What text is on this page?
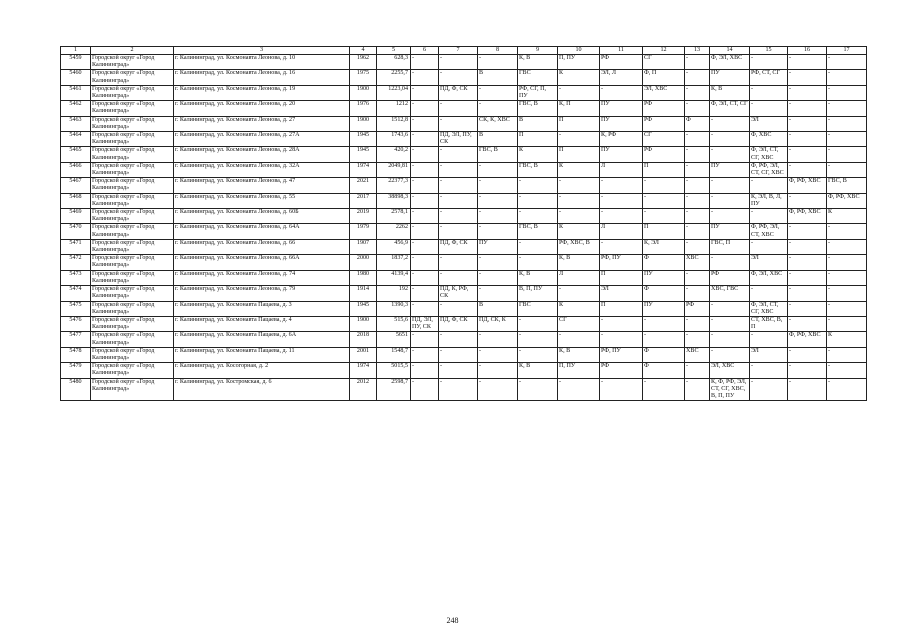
1	2	3	4	5	6	7	8	9	10	11	12	13	14	15	16	17
5459	Городской округ «Город Калининград»	г. Калининград, ул. Космонавта Леонова, д. 10	1962	628,3	-	-	-	К, В	П, ПУ	РФ	СГ	-	Ф, ЭЛ, ХВС	-	-	-
5460	Городской округ «Город Калининград»	г. Калининград, ул. Космонавта Леонова, д. 16	1975	2255,7	-	-	В	ГВС	К	ЭЛ, Л	Ф, П	-	ПУ	РФ, СТ, СГ	-	-
5461	Городской округ «Город Калининград»	г. Калининград, ул. Космонавта Леонова, д. 19	1900	1223,04	-	ПД, Ф, СК	-	РФ, СГ, П, ПУ	-	-	ЭЛ, ХВС	-	К, В	-	-	-
5462	Городской округ «Город Калининград»	г. Калининград, ул. Космонавта Леонова, д. 20	1976	1212	-	-	-	ГВС, В	К, П	ПУ	РФ	-	Ф, ЭЛ, СТ, СГ	-	-	-
5463	Городской округ «Город Калининград»	г. Калининград, ул. Космонавта Леонова, д. 27	1900	1512,8	-	-	СК, К, ХВС	В	П	ПУ	РФ	Ф	-	ЭЛ	-	-
5464	Городской округ «Город Калининград»	г. Калининград, ул. Космонавта Леонова, д. 27А	1945	1743,6	-	ПД, ЭЛ, ПУ, СК	В	П	-	К, РФ	СГ	-	-	Ф, ХВС	-	-
5465	Городской округ «Город Калининград»	г. Калининград, ул. Космонавта Леонова, д. 28А	1945	420,2	-	-	ГВС, В	К	П	ПУ	РФ	-	-	Ф, ЭЛ, СТ, СГ, ХВС	-	-
5466	Городской округ «Город Калининград»	г. Калининград, ул. Космонавта Леонова, д. 32А	1974	2049,81	-	-	-	ГВС, В	К	Л	П	-	ПУ	Ф, РФ, ЭЛ, СТ, СГ, ХВС	-	-
5467	Городской округ «Город Калининград»	г. Калининград, ул. Космонавта Леонова, д. 47	2021	22377,3	-	-	-	-	-	-	-	-	-	-	Ф, РФ, ХВС	ГВС, В
5468	Городской округ «Город Калининград»	г. Калининград, ул. Космонавта Леонова, д. 55	2017	38898,3	-	-	-	-	-	-	-	-	-	К, ЭЛ, В, Л, ПУ	-	Ф, РФ, ХВС
5469	Городской округ «Город Калининград»	г. Калининград, ул. Космонавта Леонова, д. 60Б	2019	2578,1	-	-	-	-	-	-	-	-	-	-	Ф, РФ, ХВС	К
5470	Городской округ «Город Калининград»	г. Калининград, ул. Космонавта Леонова, д. 64А	1979	2262	-	-	-	ГВС, В	К	Л	П	-	ПУ	Ф, РФ, ЭЛ, СТ, ХВС	-	-
5471	Городской округ «Город Калининград»	г. Калининград, ул. Космонавта Леонова, д. 66	1907	456,9	-	ПД, Ф, СК	ПУ	-	РФ, ХВС, В	-	К, ЭЛ	-	ГВС, П	-	-	-
5472	Городской округ «Город Калининград»	г. Калининград, ул. Космонавта Леонова, д. 66А	2000	1837,2	-	-	-	-	К, В	РФ, ПУ	Ф	ХВС	-	ЭЛ	-	-
5473	Городской округ «Город Калининград»	г. Калининград, ул. Космонавта Леонова, д. 74	1980	4139,4	-	-	-	К, В	Л	П	ПУ	-	РФ	Ф, ЭЛ, ХВС	-	-
5474	Городской округ «Город Калининград»	г. Калининград, ул. Космонавта Леонова, д. 79	1914	192	-	ПД, К, РФ, СК	-	В, П, ПУ	-	ЭЛ	Ф	-	ХВС, ГВС	-	-	-
5475	Городской округ «Город Калининград»	г. Калининград, ул. Космонавта Пацаева, д. 3	1945	1390,3	-	-	В	ГВС	К	П	ПУ	РФ	-	Ф, ЭЛ, СТ, СГ, ХВС	-	-
5476	Городской округ «Город Калининград»	г. Калининград, ул. Космонавта Пацаева, д. 4	1900	515,6	ПД, ЭЛ, ПУ, СК	ПД, Ф, СК	ПД, СК, К	-	СГ	-	-	-	-	СТ, ХВС, В, П	-	-
5477	Городской округ «Город Калининград»	г. Калининград, ул. Космонавта Пацаева, д. 6А	2018	5651	-	-	-	-	-	-	-	-	-	-	Ф, РФ, ХВС	К
5478	Городской округ «Город Калининград»	г. Калининград, ул. Космонавта Пацаева, д. 11	2001	1548,7	-	-	-	-	К, В	РФ, ПУ	Ф	ХВС	-	ЭЛ	-	-
5479	Городской округ «Город Калининград»	г. Калининград, ул. Косогорная, д. 2	1974	5015,5	-	-	-	К, В	П, ПУ	РФ	Ф	-	ЭЛ, ХВС	-	-	-
5480	Городской округ «Город Калининград»	г. Калининград, ул. Костромская, д. 6	2012	2598,7	-	-	-	-	-	-	-	-	К, Ф, РФ, ЭЛ, СТ, СГ, ХВС, В, П, ПУ	-	-	-
248
